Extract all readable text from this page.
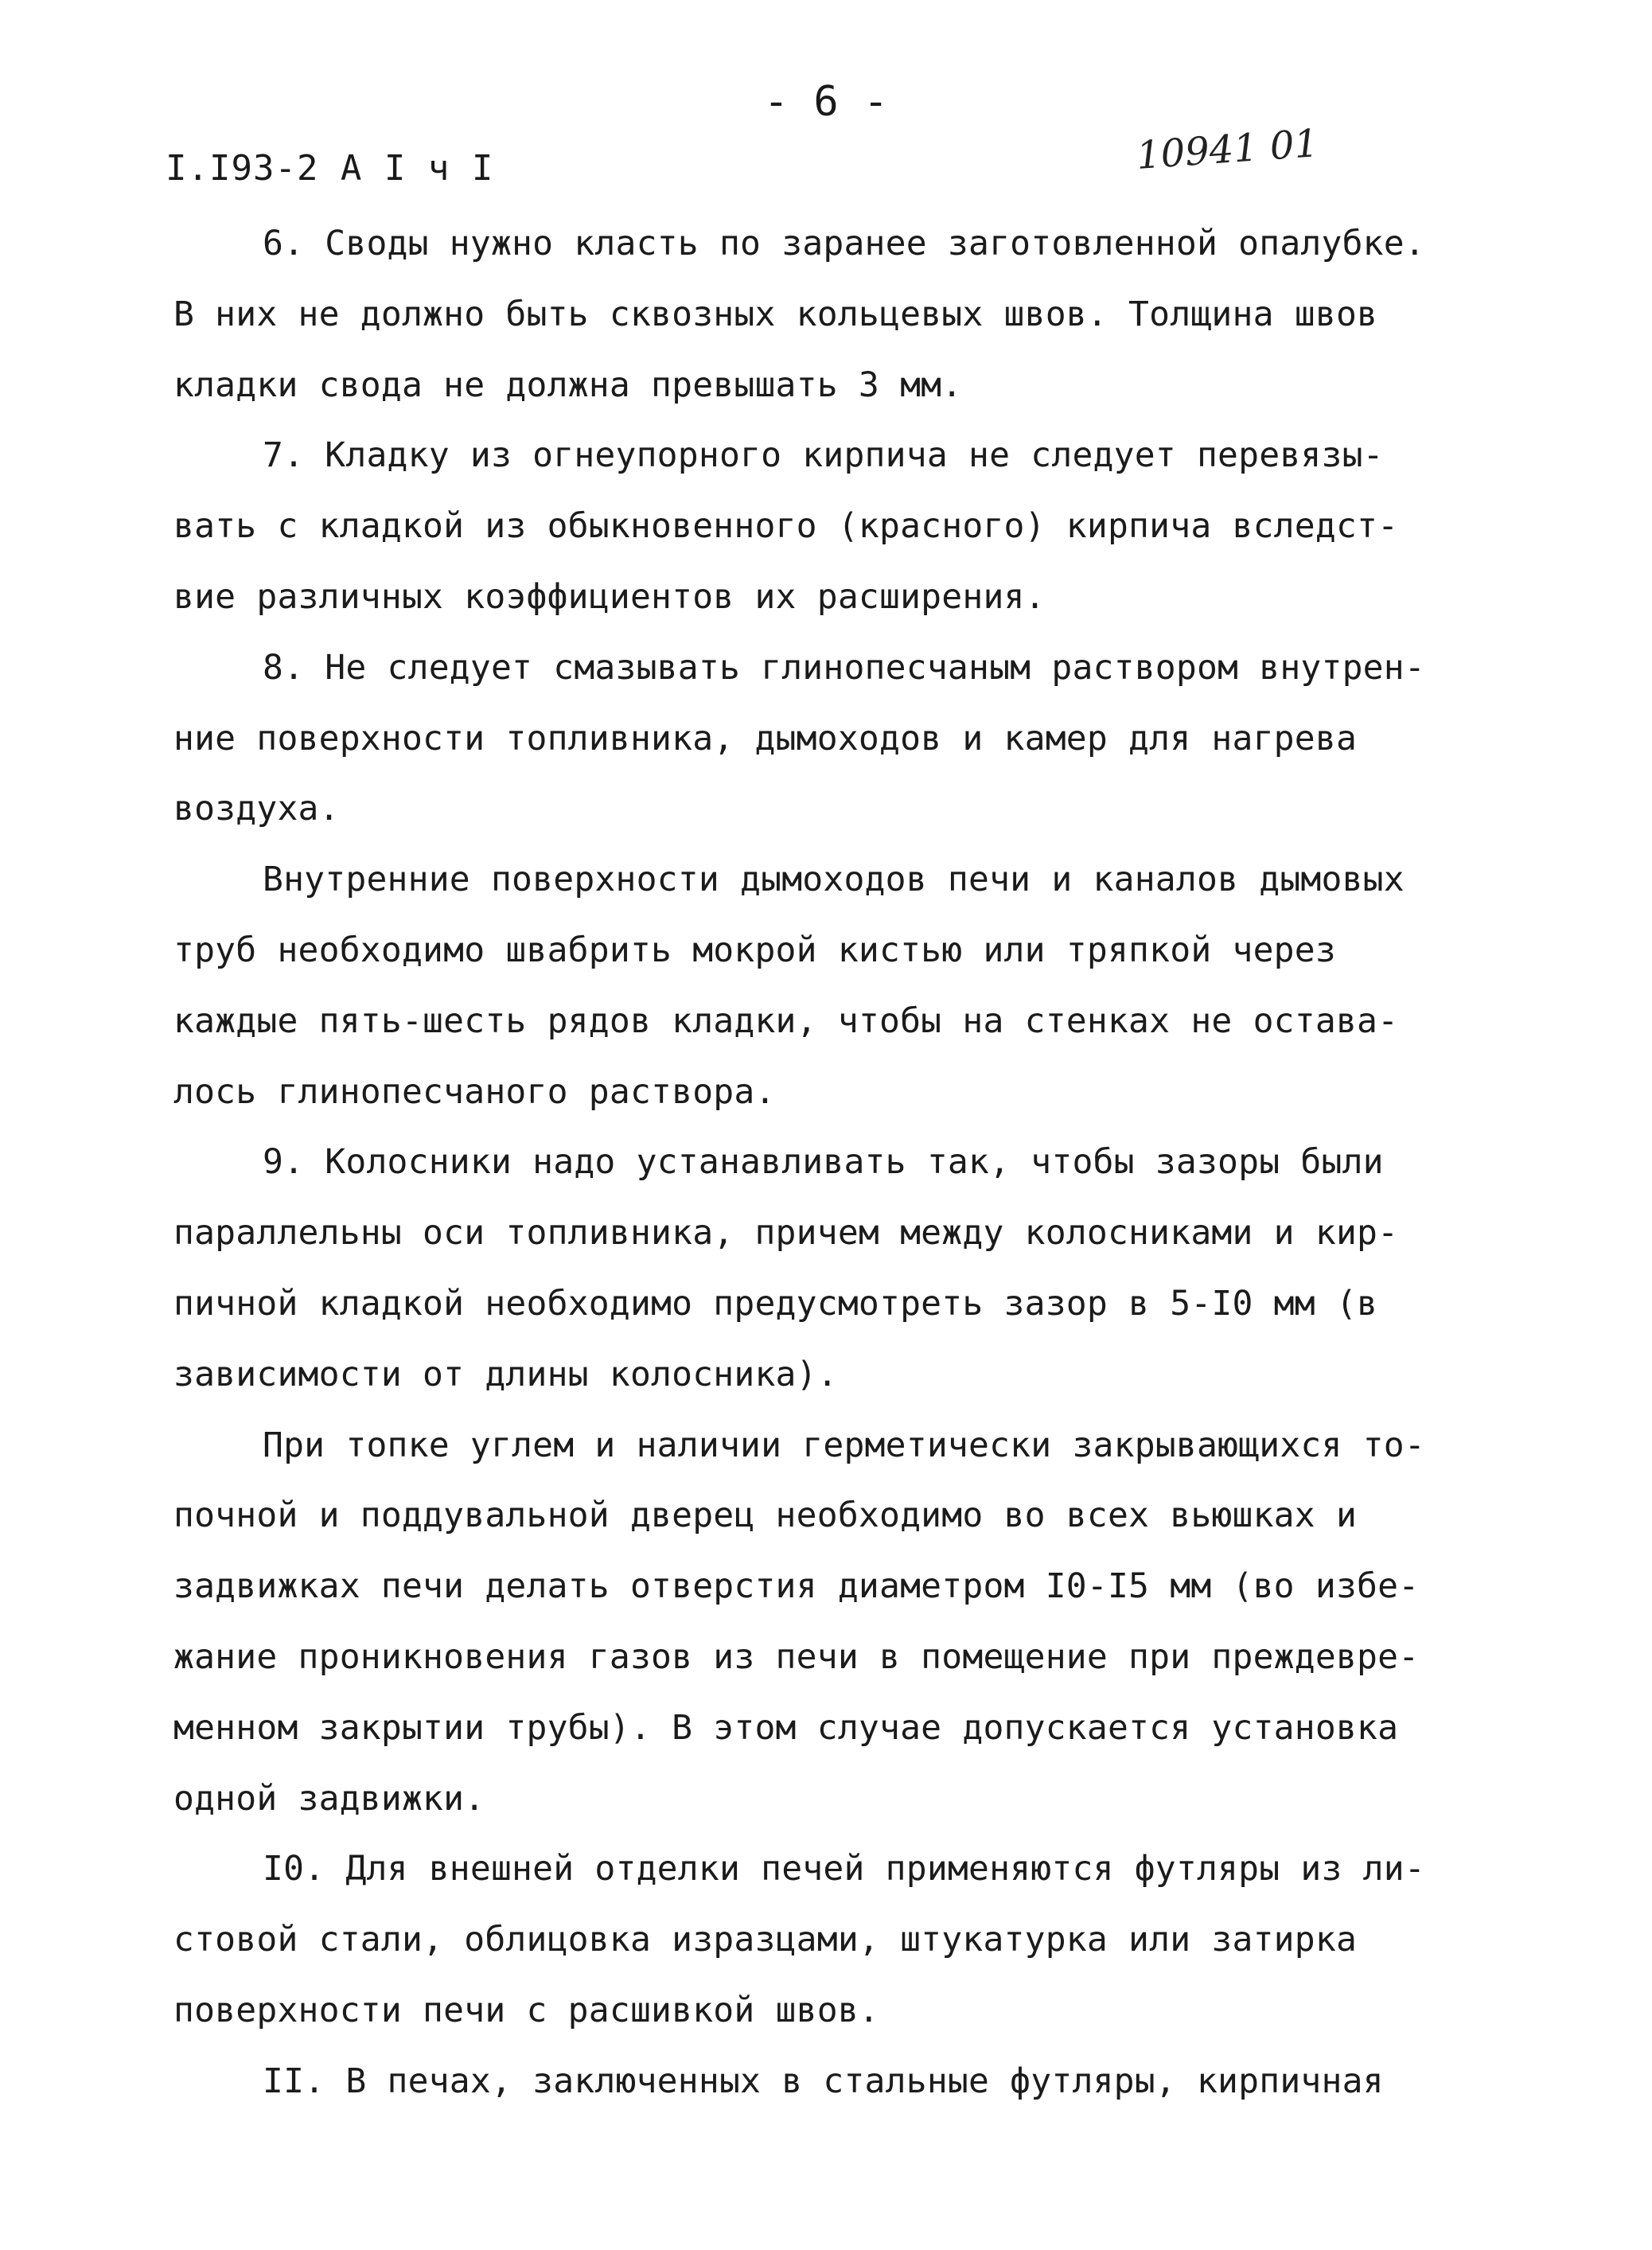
- 6 -
I.I93-2 A I ч I	10941 01
6. Своды нужно класть по заранее заготовленной опалубке.
В них не должно быть сквозных кольцевых швов. Толщина швов
кладки свода не должна превышать 3 мм.
7. Кладку из огнеупорного кирпича не следует перевязы-
вать с кладкой из обыкновенного (красного) кирпича вследст-
вие различных коэффициентов их расширения.
8. Не следует смазывать глинопесчаным раствором внутрен-
ние поверхности топливника, дымоходов и камер для нагрева
воздуха.
Внутренние поверхности дымоходов печи и каналов дымовых
труб необходимо швабрить мокрой кистью или тряпкой через
каждые пять-шесть рядов кладки, чтобы на стенках не остава-
лось глинопесчаного раствора.
9. Колосники надо устанавливать так, чтобы зазоры были
параллельны оси топливника, причем между колосниками и кир-
пичной кладкой необходимо предусмотреть зазор в 5-I0 мм (в
зависимости от длины колосника).
При топке углем и наличии герметически закрывающихся то-
почной и поддувальной дверец необходимо во всех вьюшках и
задвижках печи делать отверстия диаметром I0-I5 мм (во избе-
жание проникновения газов из печи в помещение при преждевре-
менном закрытии трубы). В этом случае допускается установка
одной задвижки.
I0. Для внешней отделки печей применяются футляры из ли-
стовой стали, облицовка изразцами, штукатурка или затирка
поверхности печи с расшивкой швов.
II. В печах, заключенных в стальные футляры, кирпичная
